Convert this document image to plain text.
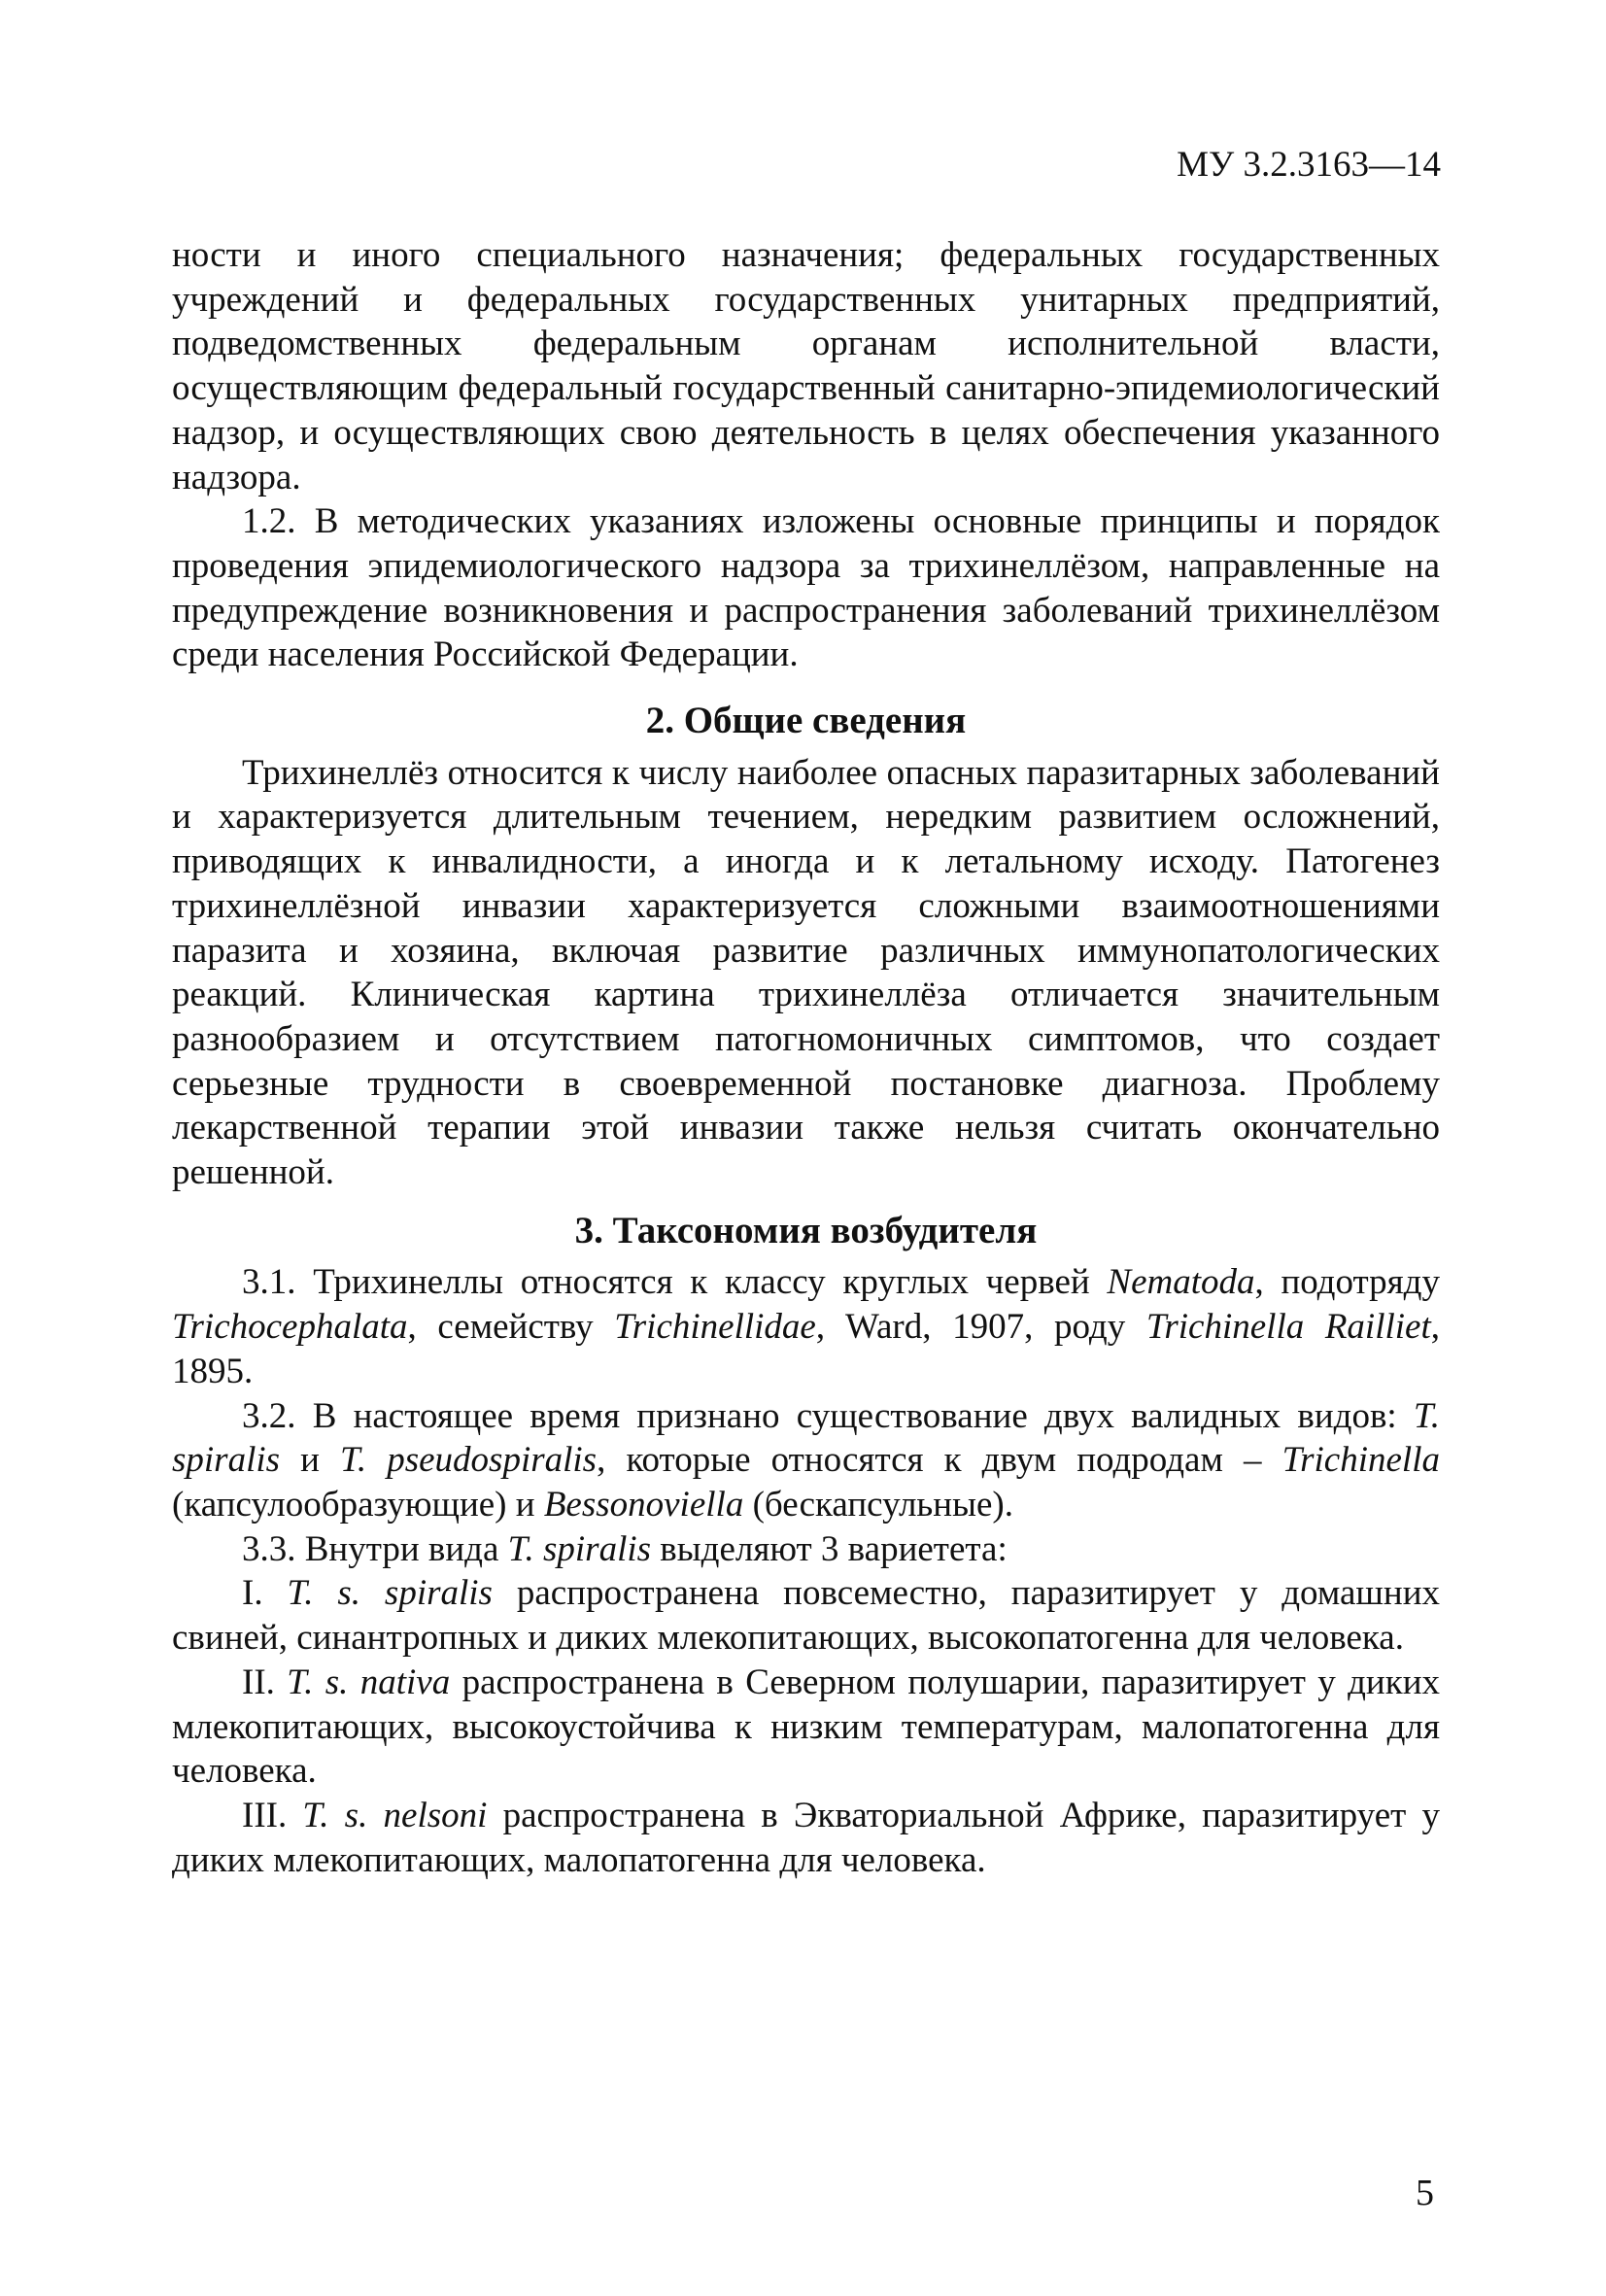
МУ 3.2.3163—14

ности и иного специального назначения; федеральных государственных учреждений и федеральных государственных унитарных предприятий, подведомственных федеральным органам исполнительной власти, осуществляющим федеральный государственный санитарно-эпидемиологический надзор, и осуществляющих свою деятельность в целях обеспечения указанного надзора.

1.2. В методических указаниях изложены основные принципы и порядок проведения эпидемиологического надзора за трихинеллёзом, направленные на предупреждение возникновения и распространения заболеваний трихинеллёзом среди населения Российской Федерации.

2. Общие сведения

Трихинеллёз относится к числу наиболее опасных паразитарных заболеваний и характеризуется длительным течением, нередким развитием осложнений, приводящих к инвалидности, а иногда и к летальному исходу. Патогенез трихинеллёзной инвазии характеризуется сложными взаимоотношениями паразита и хозяина, включая развитие различных иммунопатологических реакций. Клиническая картина трихинеллёза отличается значительным разнообразием и отсутствием патогномоничных симптомов, что создает серьезные трудности в своевременной постановке диагноза. Проблему лекарственной терапии этой инвазии также нельзя считать окончательно решенной.

3. Таксономия возбудителя

3.1. Трихинеллы относятся к классу круглых червей Nematoda, подотряду Trichocephalata, семейству Trichinellidae, Ward, 1907, роду Trichinella Railliet, 1895.

3.2. В настоящее время признано существование двух валидных видов: T. spiralis и T. pseudospiralis, которые относятся к двум подродам – Trichinella (капсулообразующие) и Bessonoviella (бескапсульные).

3.3. Внутри вида T. spiralis выделяют 3 вариетета:

I. T. s. spiralis распространена повсеместно, паразитирует у домашних свиней, синантропных и диких млекопитающих, высокопатогенна для человека.

II. T. s. nativa распространена в Северном полушарии, паразитирует у диких млекопитающих, высокоустойчива к низким температурам, малопатогенна для человека.

III. T. s. nelsoni распространена в Экваториальной Африке, паразитирует у диких млекопитающих, малопатогенна для человека.

5
